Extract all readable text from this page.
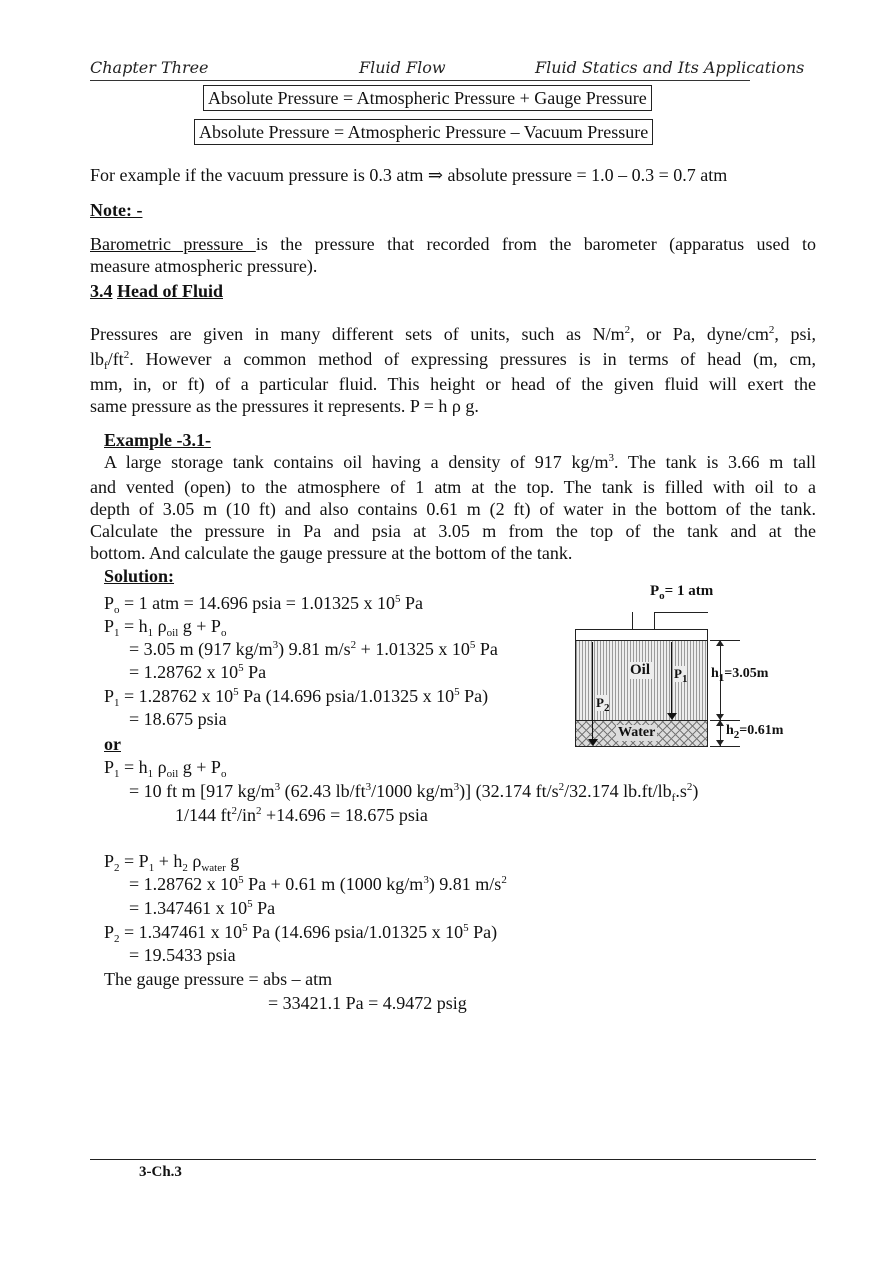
Chapter Three	Fluid Flow	Fluid Statics and Its Applications
Absolute Pressure = Atmospheric Pressure + Gauge Pressure
Absolute Pressure = Atmospheric Pressure – Vacuum Pressure
For example if the vacuum pressure is 0.3 atm ⇒ absolute pressure = 1.0 – 0.3 = 0.7 atm
Note: -
Barometric pressure is the pressure that recorded from the barometer (apparatus used to
measure atmospheric pressure).
3.4 Head of Fluid
Pressures are given in many different sets of units, such as $N/m^2$, or Pa, dyne/$cm^2$, psi,
$lb_f/ft^2$. However a common method of expressing pressures is in terms of head (m, cm,
mm, in, or ft) of a particular fluid. This height or head of the given fluid will exert the
same pressure as the pressures it represents. P = h ρ g.
Example -3.1-
A large storage tank contains oil having a density of 917 $kg/m^3$. The tank is 3.66 m tall
and vented (open) to the atmosphere of 1 atm at the top. The tank is filled with oil to a
depth of 3.05 m (10 ft) and also contains 0.61 m (2 ft) of water in the bottom of the tank.
Calculate the pressure in Pa and psia at 3.05 m from the top of the tank and at the
bottom. And calculate the gauge pressure at the bottom of the tank.
Solution:
$P_o = 1$ atm = 14.696 psia = 1.01325 x $10^5$ Pa
$P_1 = h_1$ $\rho_{oil}$ $g + P_o$
= 3.05 m (917 $kg/m^3$) 9.81 $m/s^2 + 1.01325$ x $10^5$ Pa
= 1.28762 x $10^5$ Pa
$P_1 = 1.28762$ x $10^5$ Pa (14.696 psia/1.01325 x $10^5$ Pa)
= 18.675 psia
or
$P_1 = h_1$ $\rho_{oil}$ $g + P_o$
= 10 ft m [917 $kg/m^3$ (62.43 $lb/ft^3/1000$ $kg/m^3$)] (32.174 $ft/s^2/32.174$ $lb.ft/lb_f.s^2$)
1/144 $ft^2/in^2 +14.696 = 18.675$ psia
$P_2 = P_1 + h_2$ $\rho_{water}$ g
= 1.28762 x $10^5$ Pa + 0.61 m (1000 $kg/m^3$) 9.81 $m/s^2$
= 1.347461 x $10^5$ Pa
$P_2 = 1.347461$ x $10^5$ Pa (14.696 psia/1.01325 x $10^5$ Pa)
= 19.5433 psia
The gauge pressure = abs – atm
= 33421.1 Pa = 4.9472 psig
$P_o= 1$ atm
Oil
Water
$P_1$
$P_2$
$h_1=3.05m$
$h_2=0.61m$
3-Ch.3
